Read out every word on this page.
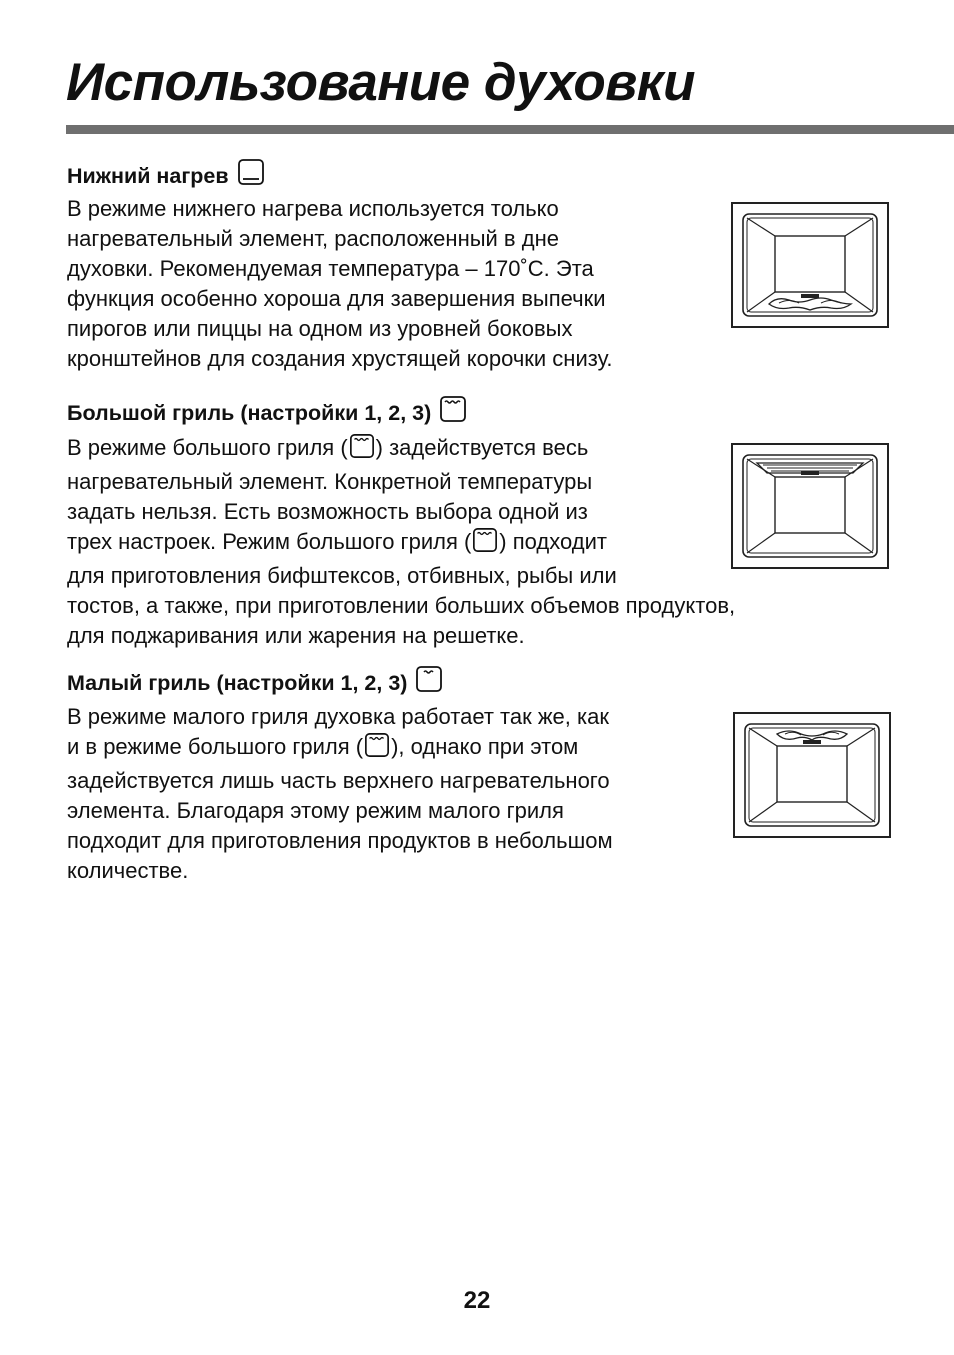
Использование духовки
Нижний нагрев

В режиме нижнего нагрева используется только
нагревательный элемент, расположенный в дне
духовки. Рекомендуемая температура – 170˚C. Эта
функция особенно хороша для завершения выпечки
пирогов или пиццы на одном из уровней боковых
кронштейнов для создания хрустящей корочки снизу.

Большой гриль (настройки 1, 2, 3)

В режиме большого гриля ( ) задействуется весь
нагревательный элемент. Конкретной температуры
задать нельзя. Есть возможность выбора одной из
трех настроек. Режим большого гриля ( ) подходит
для приготовления бифштексов, отбивных, рыбы или
тостов, а также, при приготовлении больших объемов продуктов,
для поджаривания или жарения на решетке.

Малый гриль (настройки 1, 2, 3)

В режиме малого гриля духовка работает так же, как
и в режиме большого гриля ( ), однако при этом
задействуется лишь часть верхнего нагревательного
элемента. Благодаря этому режим малого гриля
подходит для приготовления продуктов в небольшом
количестве.

22
